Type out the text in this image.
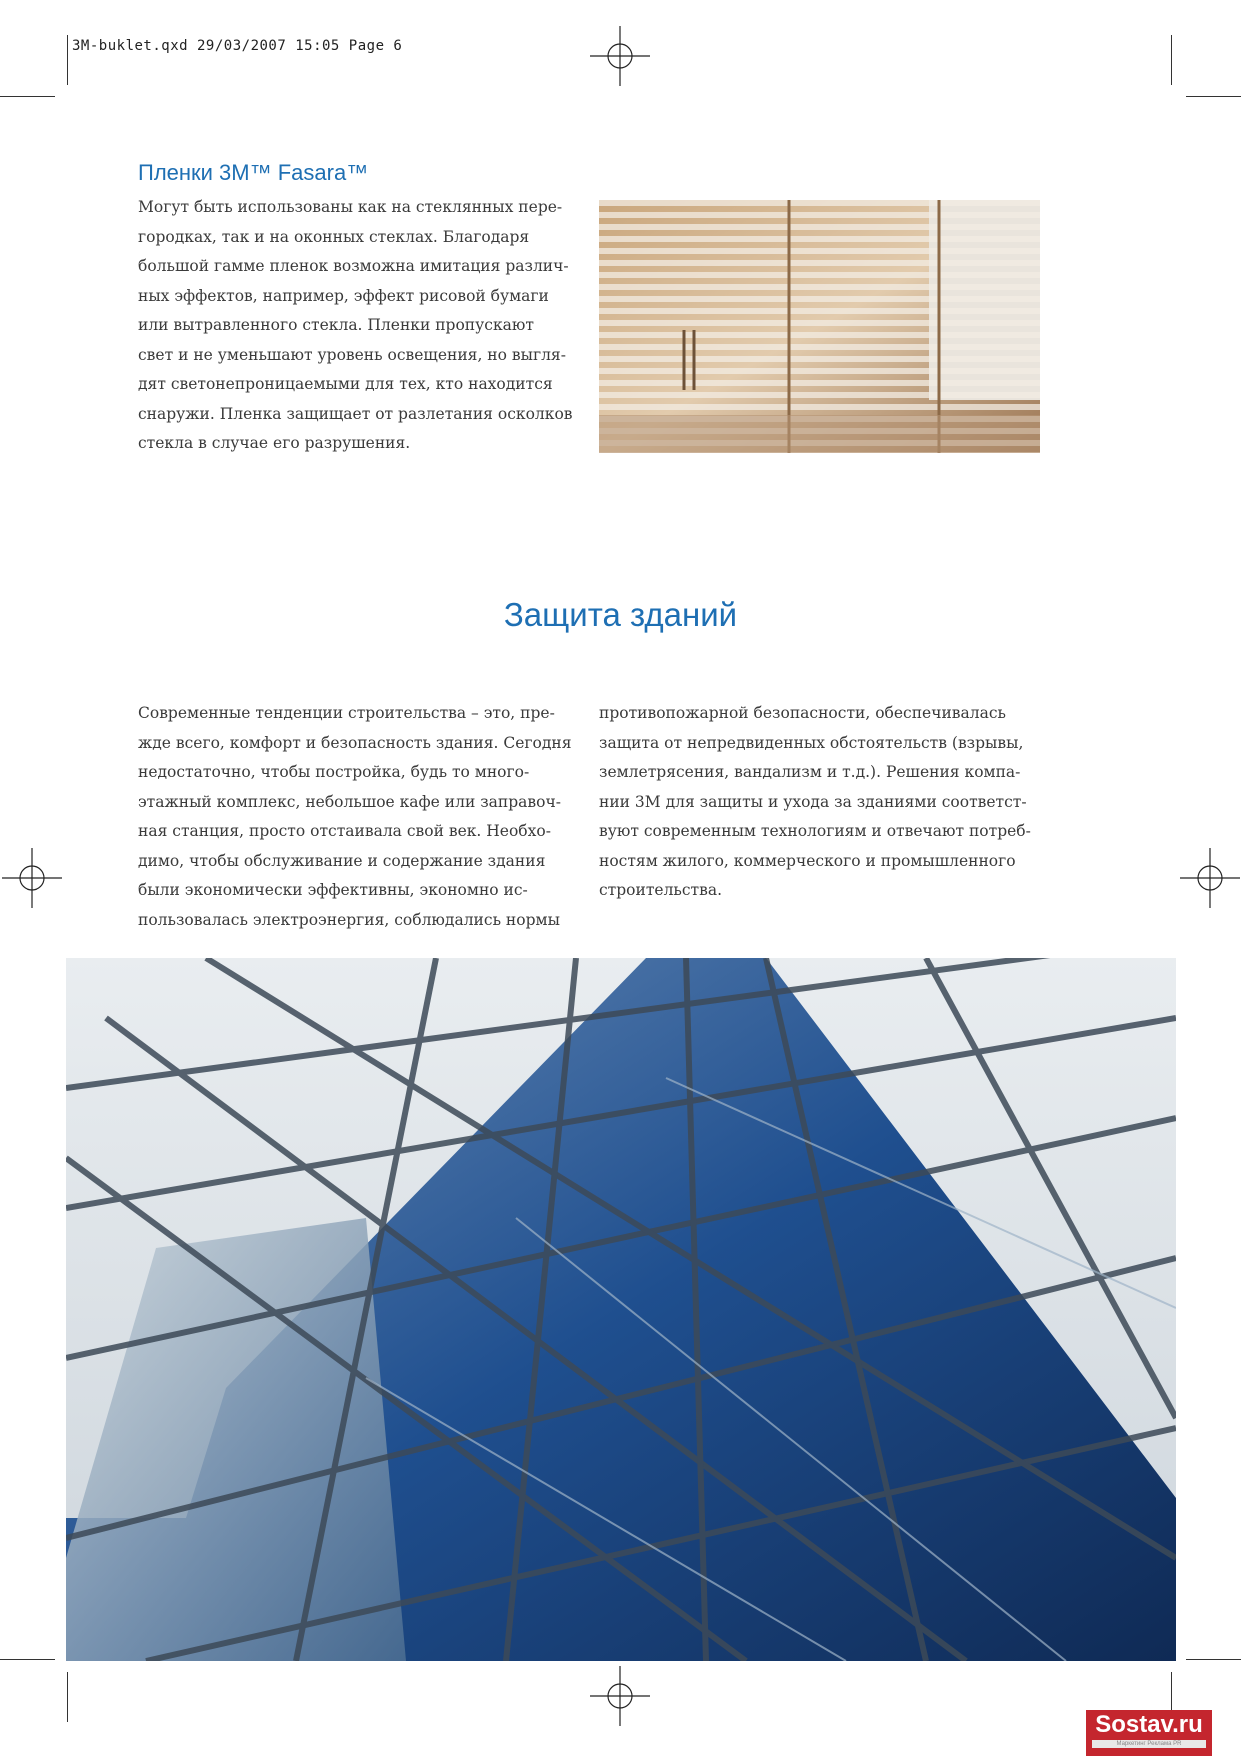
3M-buklet.qxd 29/03/2007 15:05 Page 6
Пленки 3M™ Fasara™

Могут быть использованы как на стеклянных пере-

городках, так и на оконных стеклах. Благодаря

большой гамме пленок возможна имитация различ-

ных эффектов, например, эффект рисовой бумаги

или вытравленного стекла. Пленки пропускают

свет и не уменьшают уровень освещения, но выгля-

дят светонепроницаемыми для тех, кто находится

снаружи. Пленка защищает от разлетания осколков

стекла в случае его разрушения.

Защита зданий

Современные тенденции строительства – это, пре-

жде всего, комфорт и безопасность здания. Сегодня

недостаточно, чтобы постройка, будь то много-

этажный комплекс, небольшое кафе или заправоч-

ная станция, просто отстаивала свой век. Необхо-

димо, чтобы обслуживание и содержание здания

были экономически эффективны, экономно ис-

пользовалась электроэнергия, соблюдались нормы

противопожарной безопасности, обеспечивалась

защита от непредвиденных обстоятельств (взрывы,

землетрясения, вандализм и т.д.). Решения компа-

нии 3М для защиты и ухода за зданиями соответст-

вуют современным технологиям и отвечают потреб-

ностям жилого, коммерческого и промышленного

строительства.

Sostav.ru
Маркетинг Реклама PR
